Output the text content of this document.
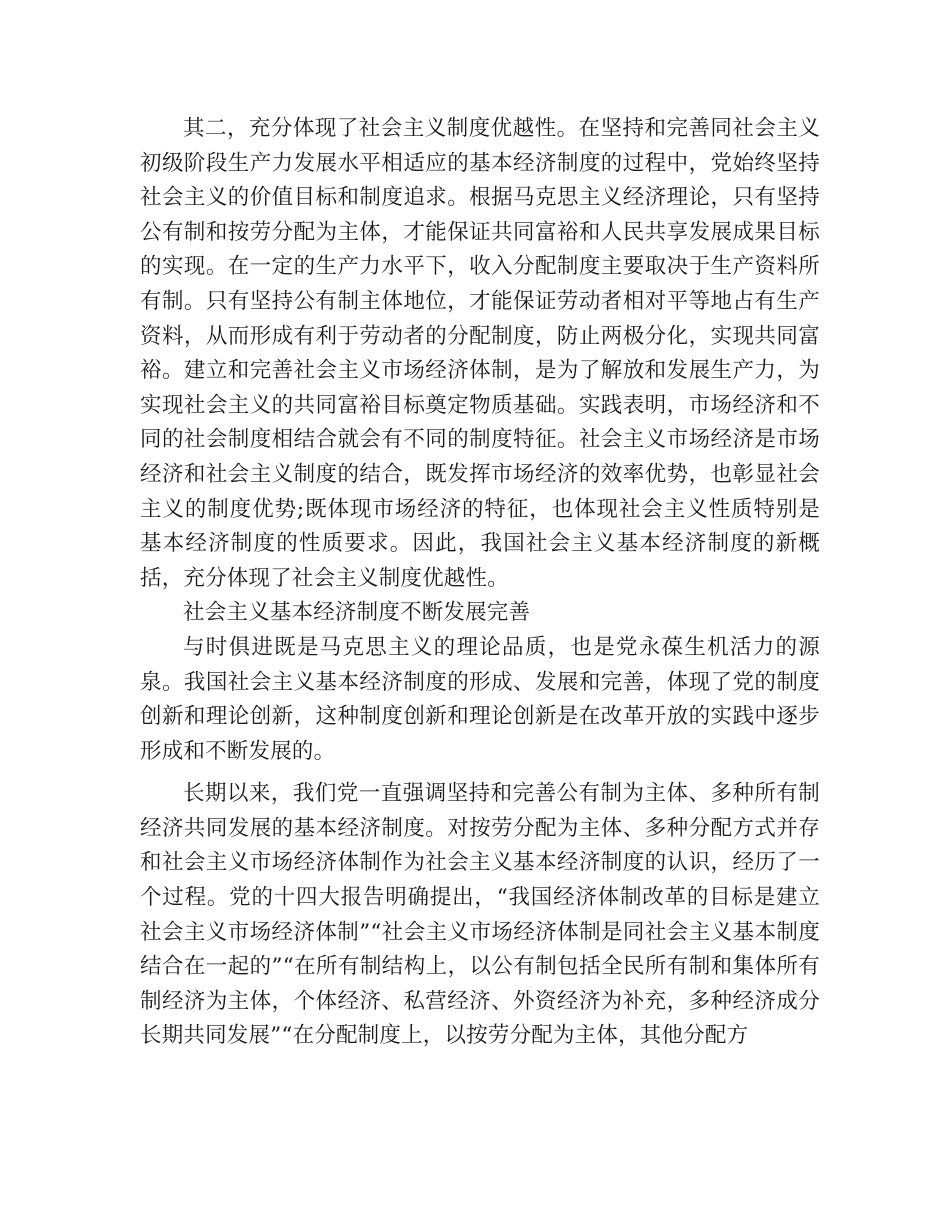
其二，充分体现了社会主义制度优越性。在坚持和完善同社会主义初级阶段生产力发展水平相适应的基本经济制度的过程中，党始终坚持社会主义的价值目标和制度追求。根据马克思主义经济理论，只有坚持公有制和按劳分配为主体，才能保证共同富裕和人民共享发展成果目标的实现。在一定的生产力水平下，收入分配制度主要取决于生产资料所有制。只有坚持公有制主体地位，才能保证劳动者相对平等地占有生产资料，从而形成有利于劳动者的分配制度，防止两极分化，实现共同富裕。建立和完善社会主义市场经济体制，是为了解放和发展生产力，为实现社会主义的共同富裕目标奠定物质基础。实践表明，市场经济和不同的社会制度相结合就会有不同的制度特征。社会主义市场经济是市场经济和社会主义制度的结合，既发挥市场经济的效率优势，也彰显社会主义的制度优势;既体现市场经济的特征，也体现社会主义性质特别是基本经济制度的性质要求。因此，我国社会主义基本经济制度的新概括，充分体现了社会主义制度优越性。

社会主义基本经济制度不断发展完善

与时俱进既是马克思主义的理论品质，也是党永葆生机活力的源泉。我国社会主义基本经济制度的形成、发展和完善，体现了党的制度创新和理论创新，这种制度创新和理论创新是在改革开放的实践中逐步形成和不断发展的。

长期以来，我们党一直强调坚持和完善公有制为主体、多种所有制经济共同发展的基本经济制度。对按劳分配为主体、多种分配方式并存和社会主义市场经济体制作为社会主义基本经济制度的认识，经历了一个过程。党的十四大报告明确提出，“我国经济体制改革的目标是建立社会主义市场经济体制”“社会主义市场经济体制是同社会主义基本制度结合在一起的”“在所有制结构上，以公有制包括全民所有制和集体所有制经济为主体，个体经济、私营经济、外资经济为补充，多种经济成分长期共同发展”“在分配制度上，以按劳分配为主体，其他分配方
